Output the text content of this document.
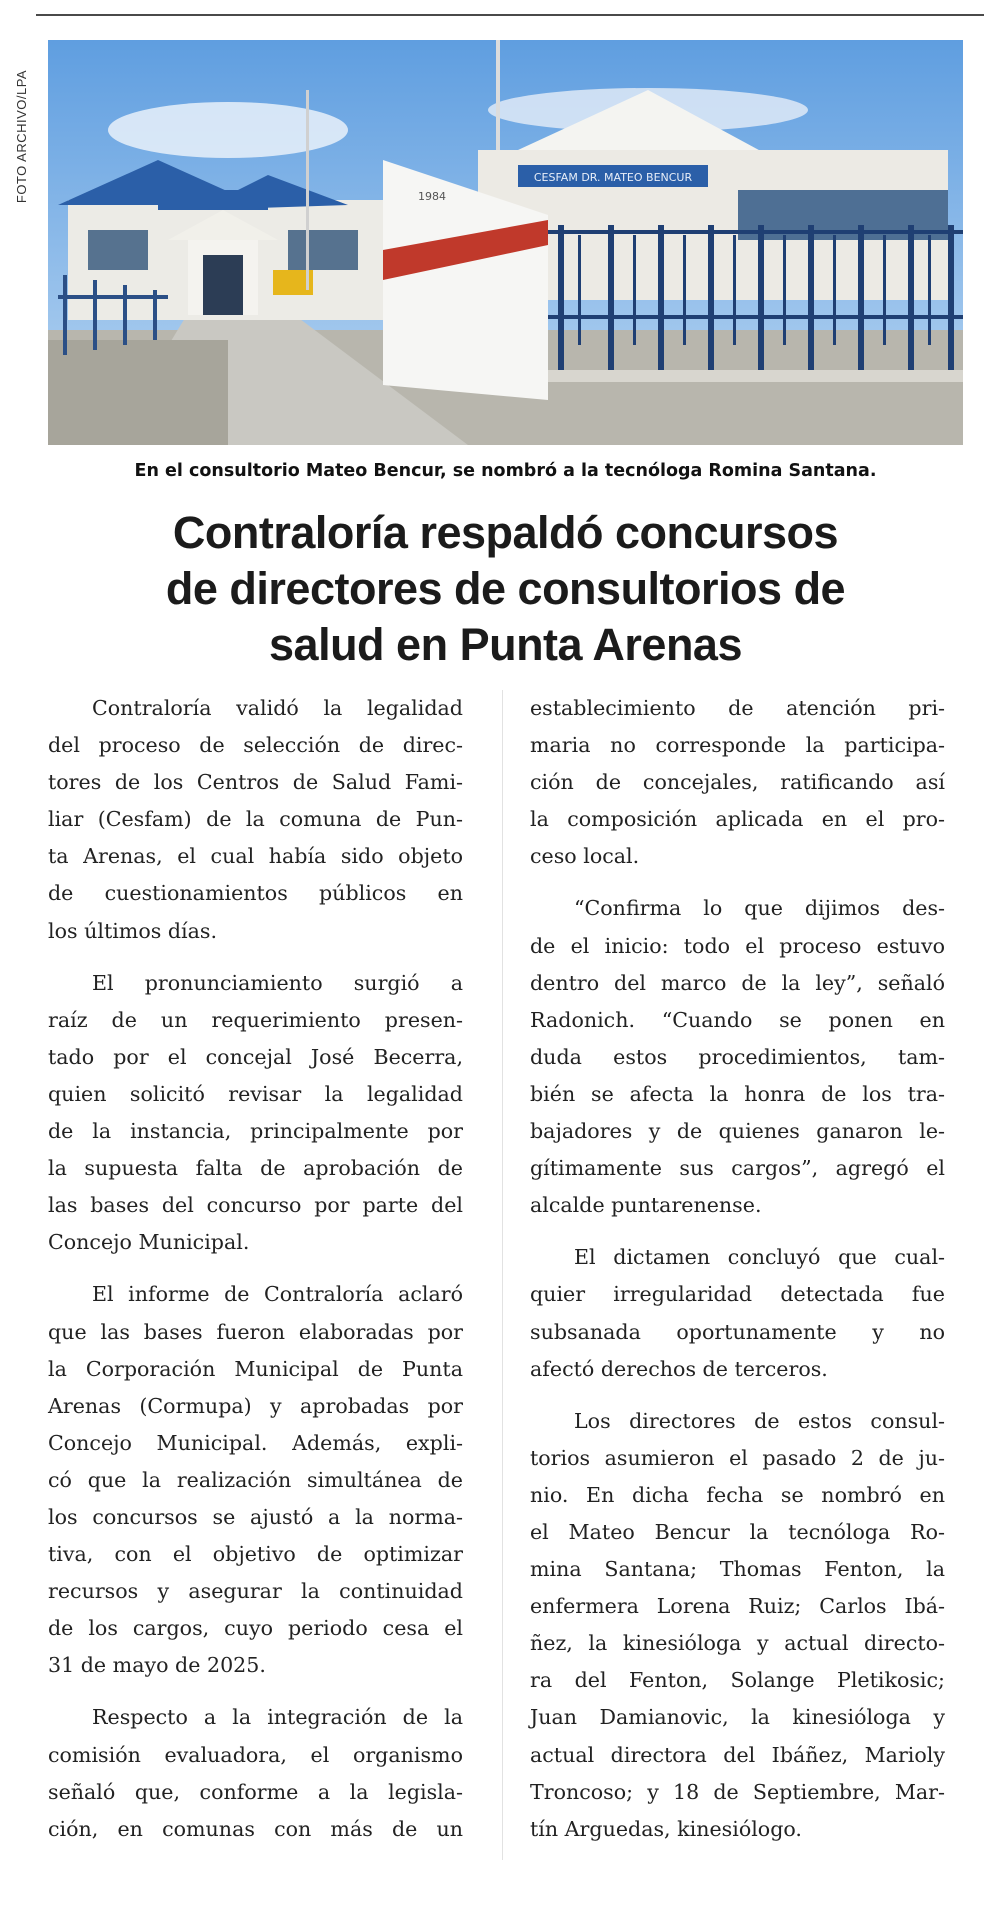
FOTO ARCHIVO/LPA	CESFAM DR. MATEO BENCUR
1984
En el consultorio Mateo Bencur, se nombró a la tecnóloga Romina Santana.
Contraloría respaldó concursos
de directores de consultorios de
salud en Punta Arenas
Contraloría validó la legalidad
del proceso de selección de direc-
tores de los Centros de Salud Fami-
liar (Cesfam) de la comuna de Pun-
ta Arenas, el cual había sido objeto
de cuestionamientos públicos en
los últimos días.
El pronunciamiento surgió a
raíz de un requerimiento presen-
tado por el concejal José Becerra,
quien solicitó revisar la legalidad
de la instancia, principalmente por
la supuesta falta de aprobación de
las bases del concurso por parte del
Concejo Municipal.
El informe de Contraloría aclaró
que las bases fueron elaboradas por
la Corporación Municipal de Punta
Arenas (Cormupa) y aprobadas por
Concejo Municipal. Además, expli-
có que la realización simultánea de
los concursos se ajustó a la norma-
tiva, con el objetivo de optimizar
recursos y asegurar la continuidad
de los cargos, cuyo periodo cesa el
31 de mayo de 2025.
Respecto a la integración de la
comisión evaluadora, el organismo
señaló que, conforme a la legisla-
ción, en comunas con más de un
establecimiento de atención pri-
maria no corresponde la participa-
ción de concejales, ratificando así
la composición aplicada en el pro-
ceso local.
“Confirma lo que dijimos des-
de el inicio: todo el proceso estuvo
dentro del marco de la ley”, señaló
Radonich. “Cuando se ponen en
duda estos procedimientos, tam-
bién se afecta la honra de los tra-
bajadores y de quienes ganaron le-
gítimamente sus cargos”, agregó el
alcalde puntarenense.
El dictamen concluyó que cual-
quier irregularidad detectada fue
subsanada oportunamente y no
afectó derechos de terceros.
Los directores de estos consul-
torios asumieron el pasado 2 de ju-
nio. En dicha fecha se nombró en
el Mateo Bencur la tecnóloga Ro-
mina Santana; Thomas Fenton, la
enfermera Lorena Ruiz; Carlos Ibá-
ñez, la kinesióloga y actual directo-
ra del Fenton, Solange Pletikosic;
Juan Damianovic, la kinesióloga y
actual directora del Ibáñez, Marioly
Troncoso; y 18 de Septiembre, Mar-
tín Arguedas, kinesiólogo.
